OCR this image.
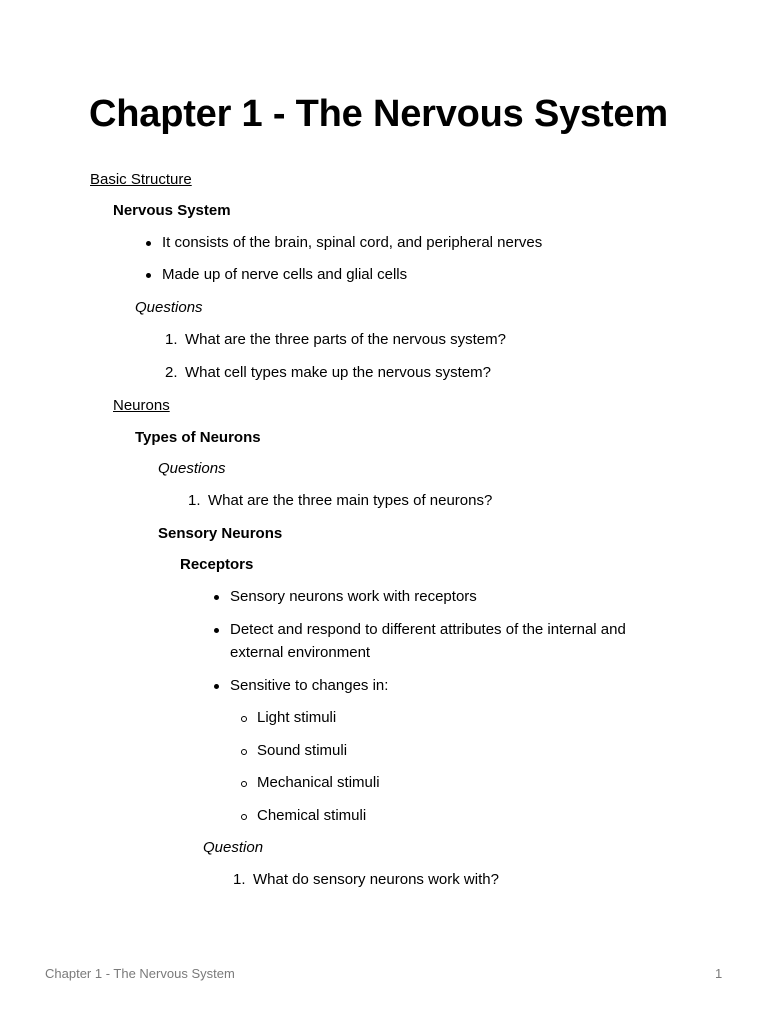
Chapter 1 - The Nervous System
Basic Structure
Nervous System
It consists of the brain, spinal cord, and peripheral nerves
Made up of nerve cells and glial cells
Questions
1. What are the three parts of the nervous system?
2. What cell types make up the nervous system?
Neurons
Types of Neurons
Questions
1. What are the three main types of neurons?
Sensory Neurons
Receptors
Sensory neurons work with receptors
Detect and respond to different attributes of the internal and external environment
Sensitive to changes in:
Light stimuli
Sound stimuli
Mechanical stimuli
Chemical stimuli
Question
1. What do sensory neurons work with?
Chapter 1 - The Nervous System	1
